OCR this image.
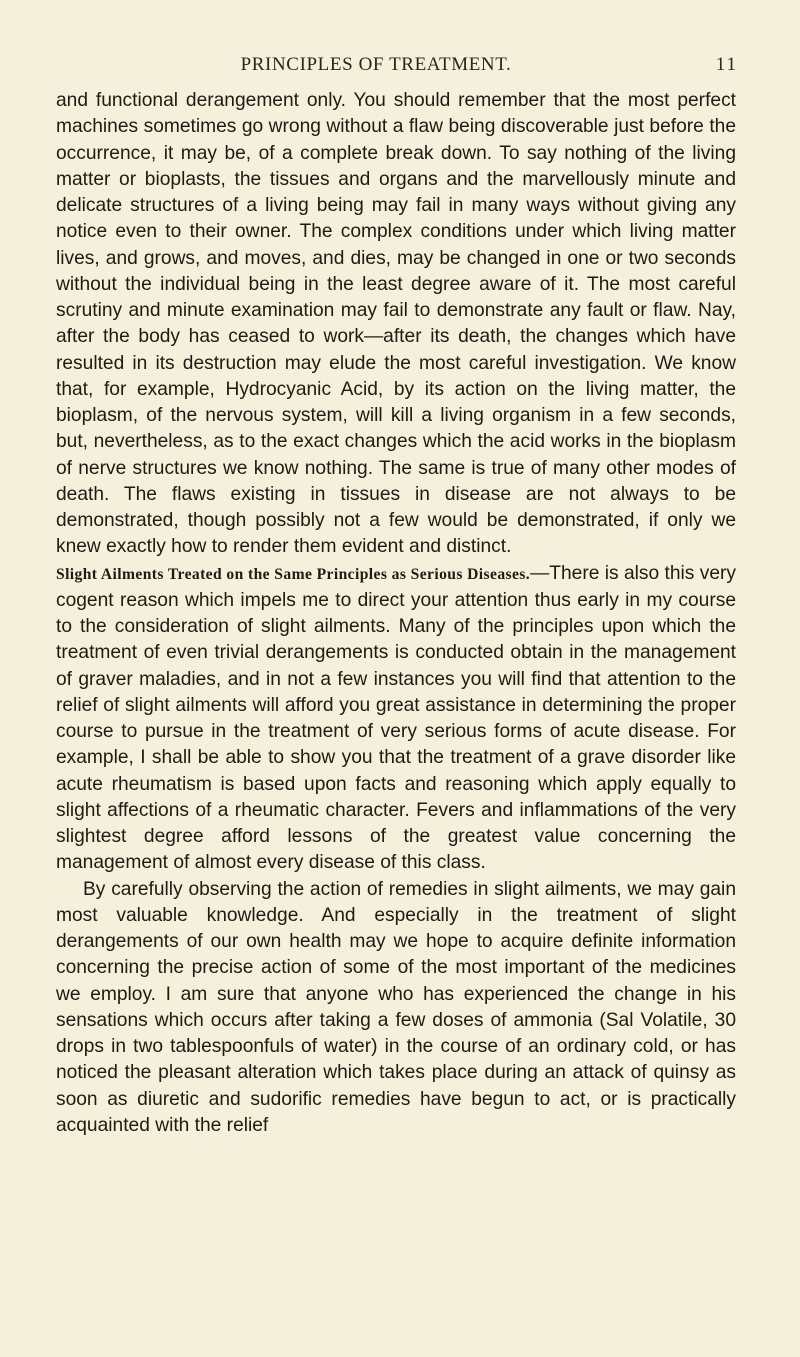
PRINCIPLES OF TREATMENT.	11

and functional derangement only. You should remember that the most perfect machines sometimes go wrong without a flaw being discoverable just before the occurrence, it may be, of a complete break down. To say nothing of the living matter or bioplasts, the tissues and organs and the marvellously minute and delicate structures of a living being may fail in many ways without giving any notice even to their owner. The complex conditions under which living matter lives, and grows, and moves, and dies, may be changed in one or two seconds without the individual being in the least degree aware of it. The most careful scrutiny and minute examination may fail to demonstrate any fault or flaw. Nay, after the body has ceased to work—after its death, the changes which have resulted in its destruction may elude the most careful investigation. We know that, for example, Hydrocyanic Acid, by its action on the living matter, the bioplasm, of the nervous system, will kill a living organism in a few seconds, but, nevertheless, as to the exact changes which the acid works in the bioplasm of nerve structures we know nothing. The same is true of many other modes of death. The flaws existing in tissues in disease are not always to be demonstrated, though possibly not a few would be demonstrated, if only we knew exactly how to render them evident and distinct.

Slight Ailments Treated on the Same Principles as Serious Diseases.—There is also this very cogent reason which impels me to direct your attention thus early in my course to the consideration of slight ailments. Many of the principles upon which the treatment of even trivial derangements is conducted obtain in the management of graver maladies, and in not a few instances you will find that attention to the relief of slight ailments will afford you great assistance in determining the proper course to pursue in the treatment of very serious forms of acute disease. For example, I shall be able to show you that the treatment of a grave disorder like acute rheumatism is based upon facts and reasoning which apply equally to slight affections of a rheumatic character. Fevers and inflammations of the very slightest degree afford lessons of the greatest value concerning the management of almost every disease of this class.

By carefully observing the action of remedies in slight ailments, we may gain most valuable knowledge. And especially in the treatment of slight derangements of our own health may we hope to acquire definite information concerning the precise action of some of the most important of the medicines we employ. I am sure that anyone who has experienced the change in his sensations which occurs after taking a few doses of ammonia (Sal Volatile, 30 drops in two tablespoonfuls of water) in the course of an ordinary cold, or has noticed the pleasant alteration which takes place during an attack of quinsy as soon as diuretic and sudorific remedies have begun to act, or is practically acquainted with the relief
